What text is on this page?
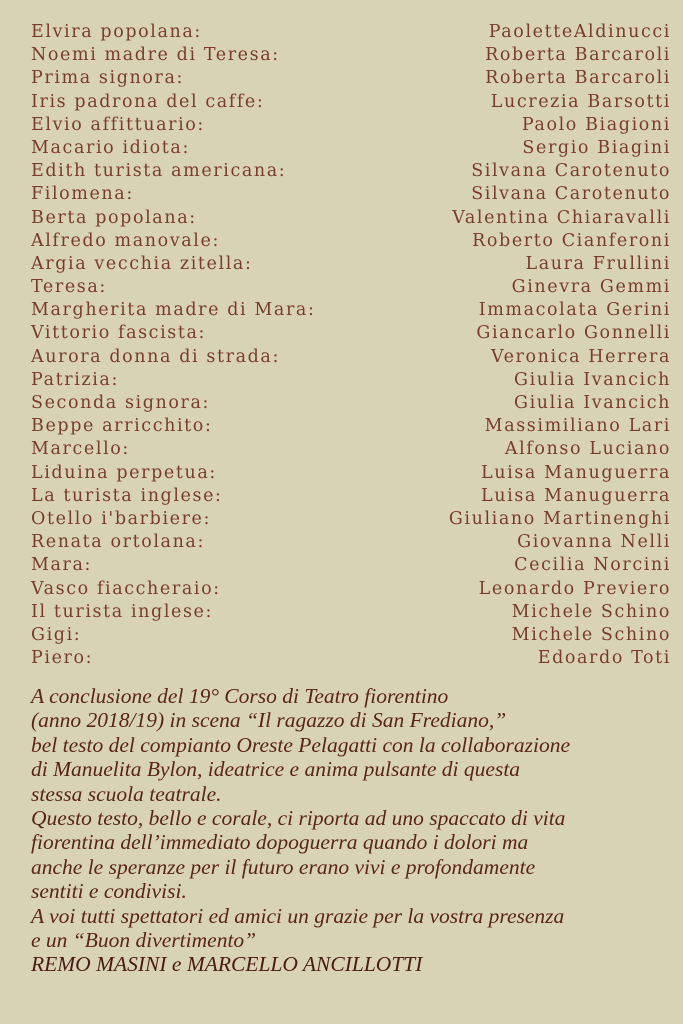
Elvira popolana:	PaoletteAldinucci
Noemi madre di Teresa:	Roberta Barcaroli
Prima signora:	Roberta Barcaroli
Iris padrona del caffe:	Lucrezia Barsotti
Elvio affittuario:	Paolo Biagioni
Macario idiota:	Sergio Biagini
Edith turista americana:	Silvana Carotenuto
Filomena:	Silvana Carotenuto
Berta popolana:	Valentina Chiaravalli
Alfredo manovale:	Roberto Cianferoni
Argia vecchia zitella:	Laura Frullini
Teresa:	Ginevra Gemmi
Margherita madre di Mara:	Immacolata Gerini
Vittorio fascista:	Giancarlo Gonnelli
Aurora donna di strada:	Veronica Herrera
Patrizia:	Giulia Ivancich
Seconda signora:	Giulia Ivancich
Beppe arricchito:	Massimiliano Lari
Marcello:	Alfonso Luciano
Liduina perpetua:	Luisa Manuguerra
La turista inglese:	Luisa Manuguerra
Otello i'barbiere:	Giuliano Martinenghi
Renata ortolana:	Giovanna Nelli
Mara:	Cecilia Norcini
Vasco fiaccheraio:	Leonardo Previero
Il turista inglese:	Michele Schino
Gigi:	Michele Schino
Piero:	Edoardo Toti

A conclusione del 19° Corso di Teatro fiorentino

(anno 2018/19) in scena “Il ragazzo di San Frediano,”

bel testo del compianto Oreste Pelagatti con la collaborazione

di Manuelita Bylon, ideatrice e anima pulsante di questa

stessa scuola teatrale.

Questo testo, bello e corale, ci riporta ad uno spaccato di vita

fiorentina dell’immediato dopoguerra quando i dolori ma

anche le speranze per il futuro erano vivi e profondamente

sentiti e condivisi.

A voi tutti spettatori ed amici un grazie per la vostra presenza

e un “Buon divertimento”

REMO MASINI e MARCELLO ANCILLOTTI
